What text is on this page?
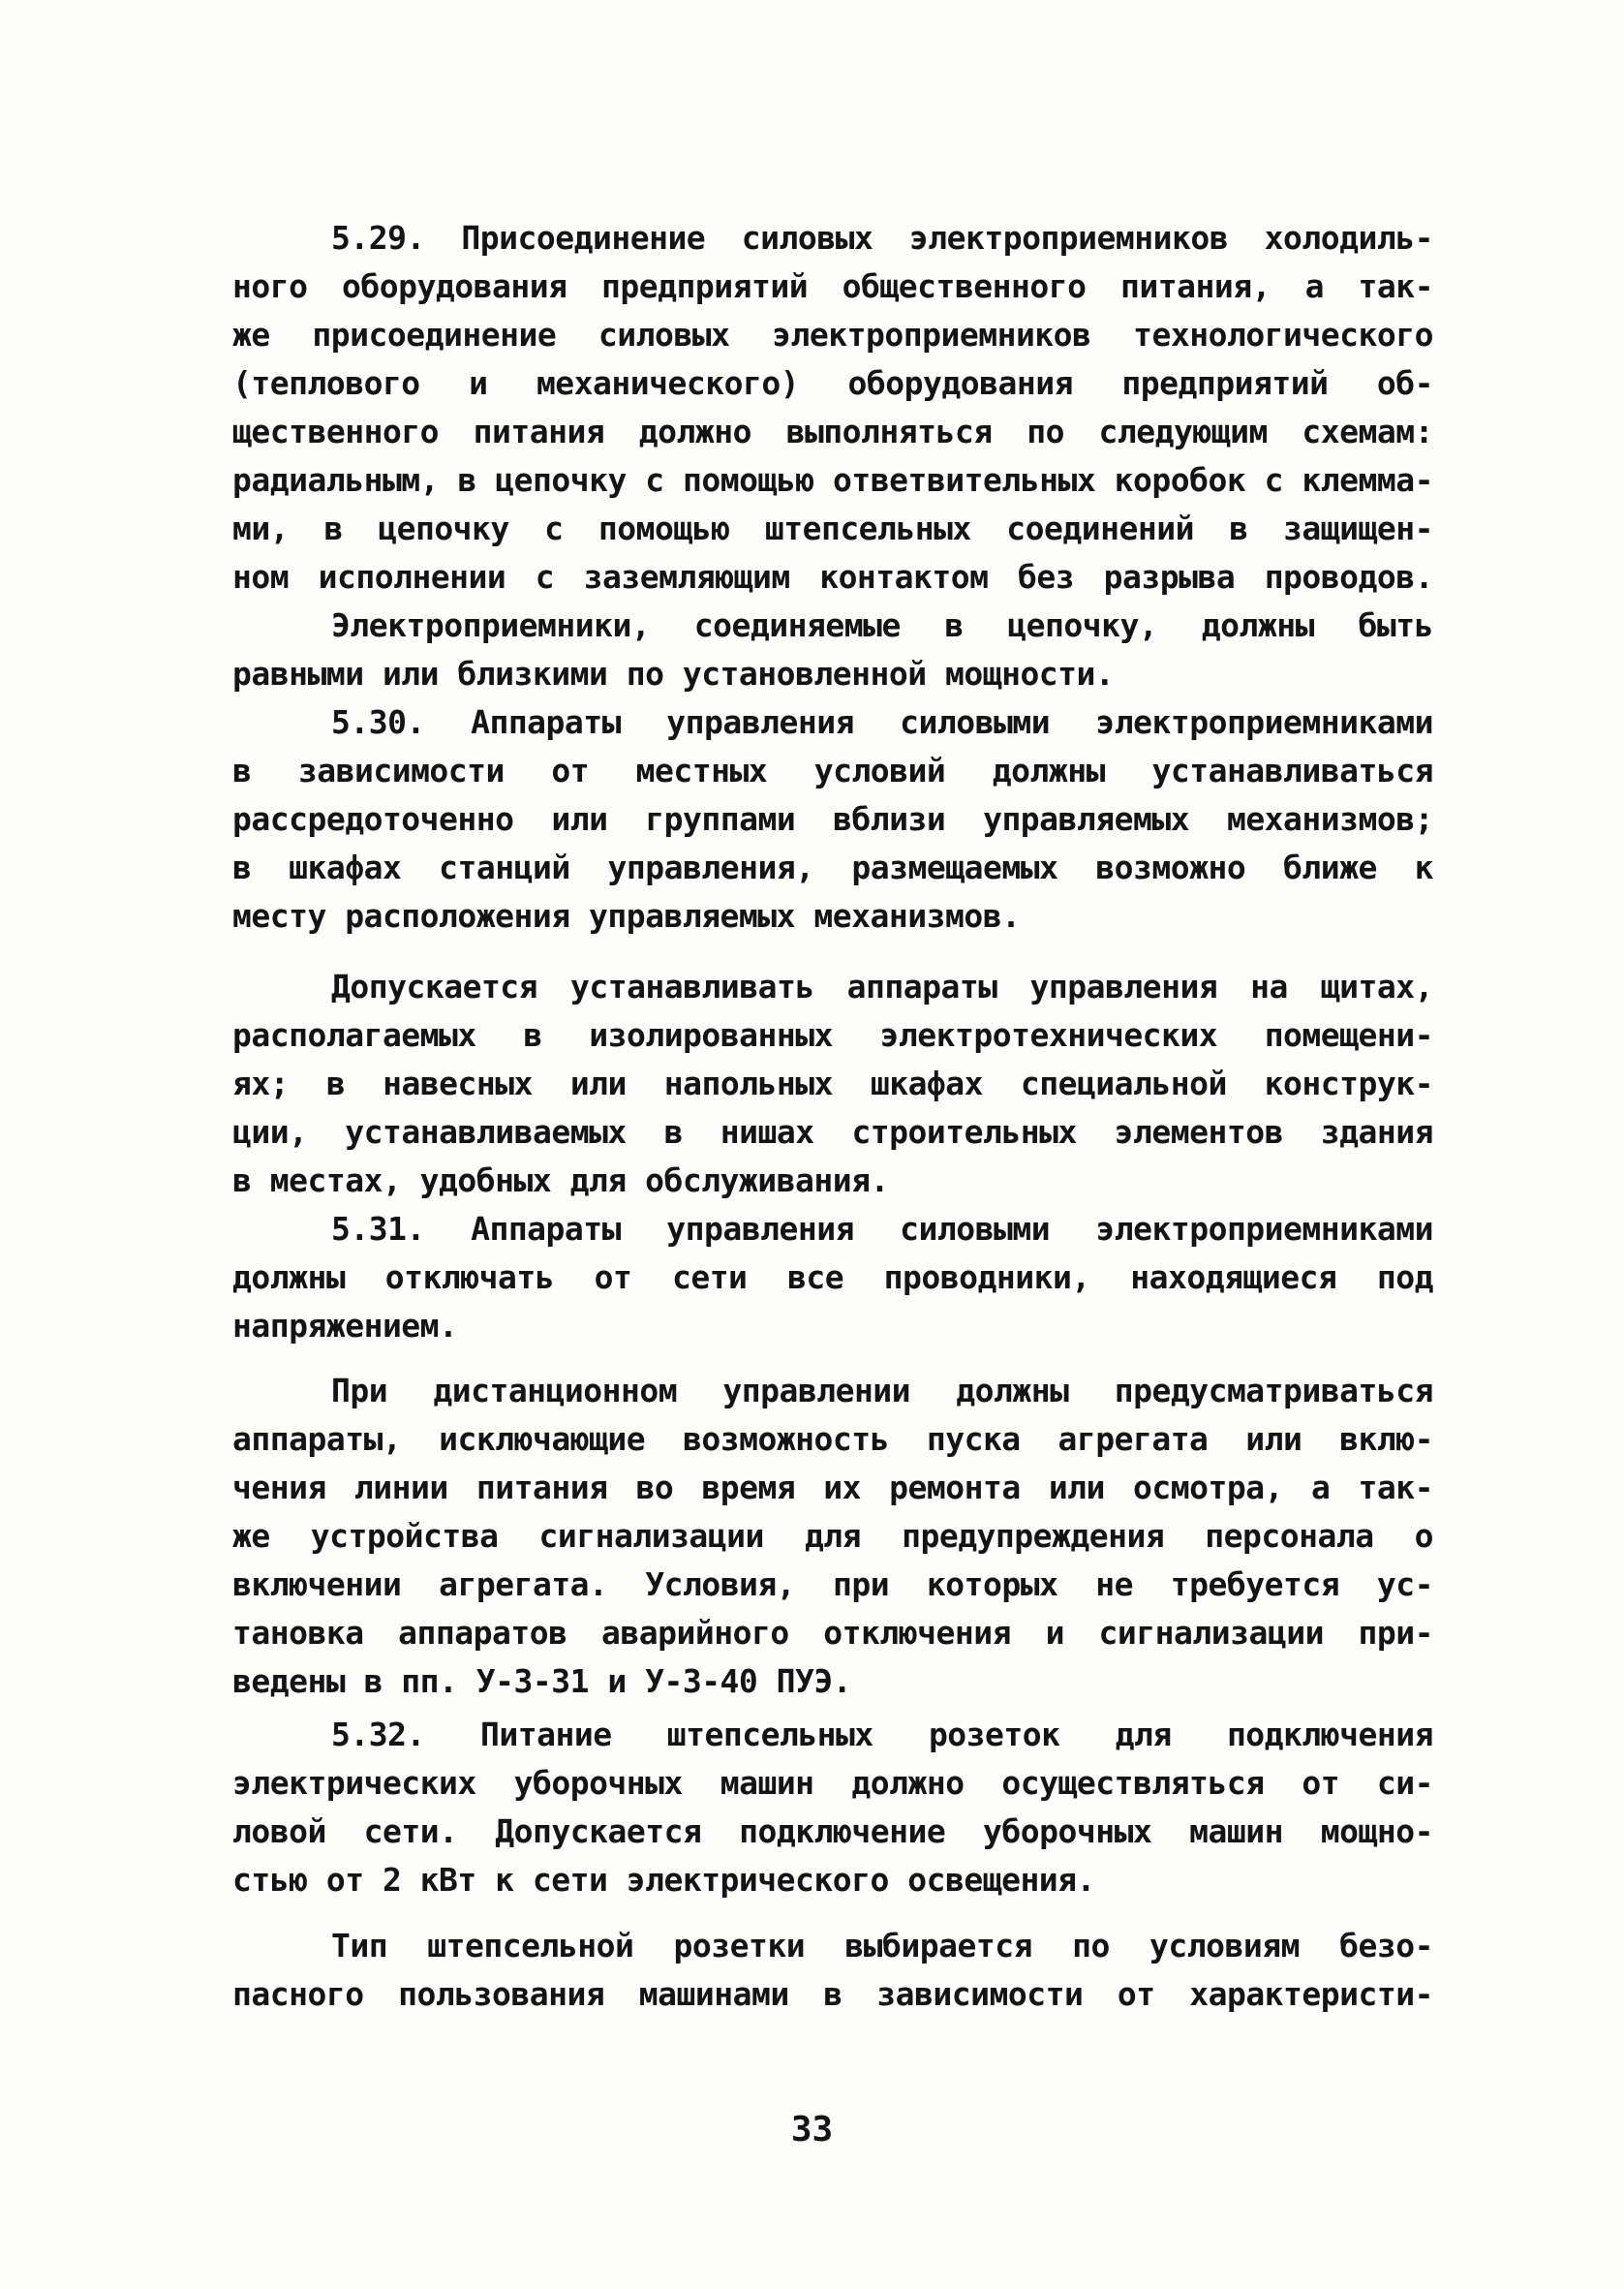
5.29. Присоединение силовых электроприемников холодиль-
ного оборудования предприятий общественного питания, а так-
же присоединение силовых электроприемников технологического
(теплового и механического) оборудования предприятий об-
щественного питания должно выполняться по следующим схемам:
радиальным, в цепочку с помощью ответвительных коробок с клемма-
ми, в цепочку с помощью штепсельных соединений в защищен-
ном исполнении с заземляющим контактом без разрыва проводов.
Электроприемники, соединяемые в цепочку, должны быть
равными или близкими по установленной мощности.
5.30. Аппараты управления силовыми электроприемниками
в зависимости от местных условий должны устанавливаться
рассредоточенно или группами вблизи управляемых механизмов;
в шкафах станций управления, размещаемых возможно ближе к
месту расположения управляемых механизмов.
Допускается устанавливать аппараты управления на щитах,
располагаемых в изолированных электротехнических помещени-
ях; в навесных или напольных шкафах специальной конструк-
ции, устанавливаемых в нишах строительных элементов здания
в местах, удобных для обслуживания.
5.31. Аппараты управления силовыми электроприемниками
должны отключать от сети все проводники, находящиеся под
напряжением.
При дистанционном управлении должны предусматриваться
аппараты, исключающие возможность пуска агрегата или вклю-
чения линии питания во время их ремонта или осмотра, а так-
же устройства сигнализации для предупреждения персонала о
включении агрегата. Условия, при которых не требуется ус-
тановка аппаратов аварийного отключения и сигнализации при-
ведены в пп. У-3-31 и У-3-40 ПУЭ.
5.32. Питание штепсельных розеток для подключения
электрических уборочных машин должно осуществляться от си-
ловой сети. Допускается подключение уборочных машин мощно-
стью от 2 кВт к сети электрического освещения.
Тип штепсельной розетки выбирается по условиям безо-
пасного пользования машинами в зависимости от характеристи-
33
